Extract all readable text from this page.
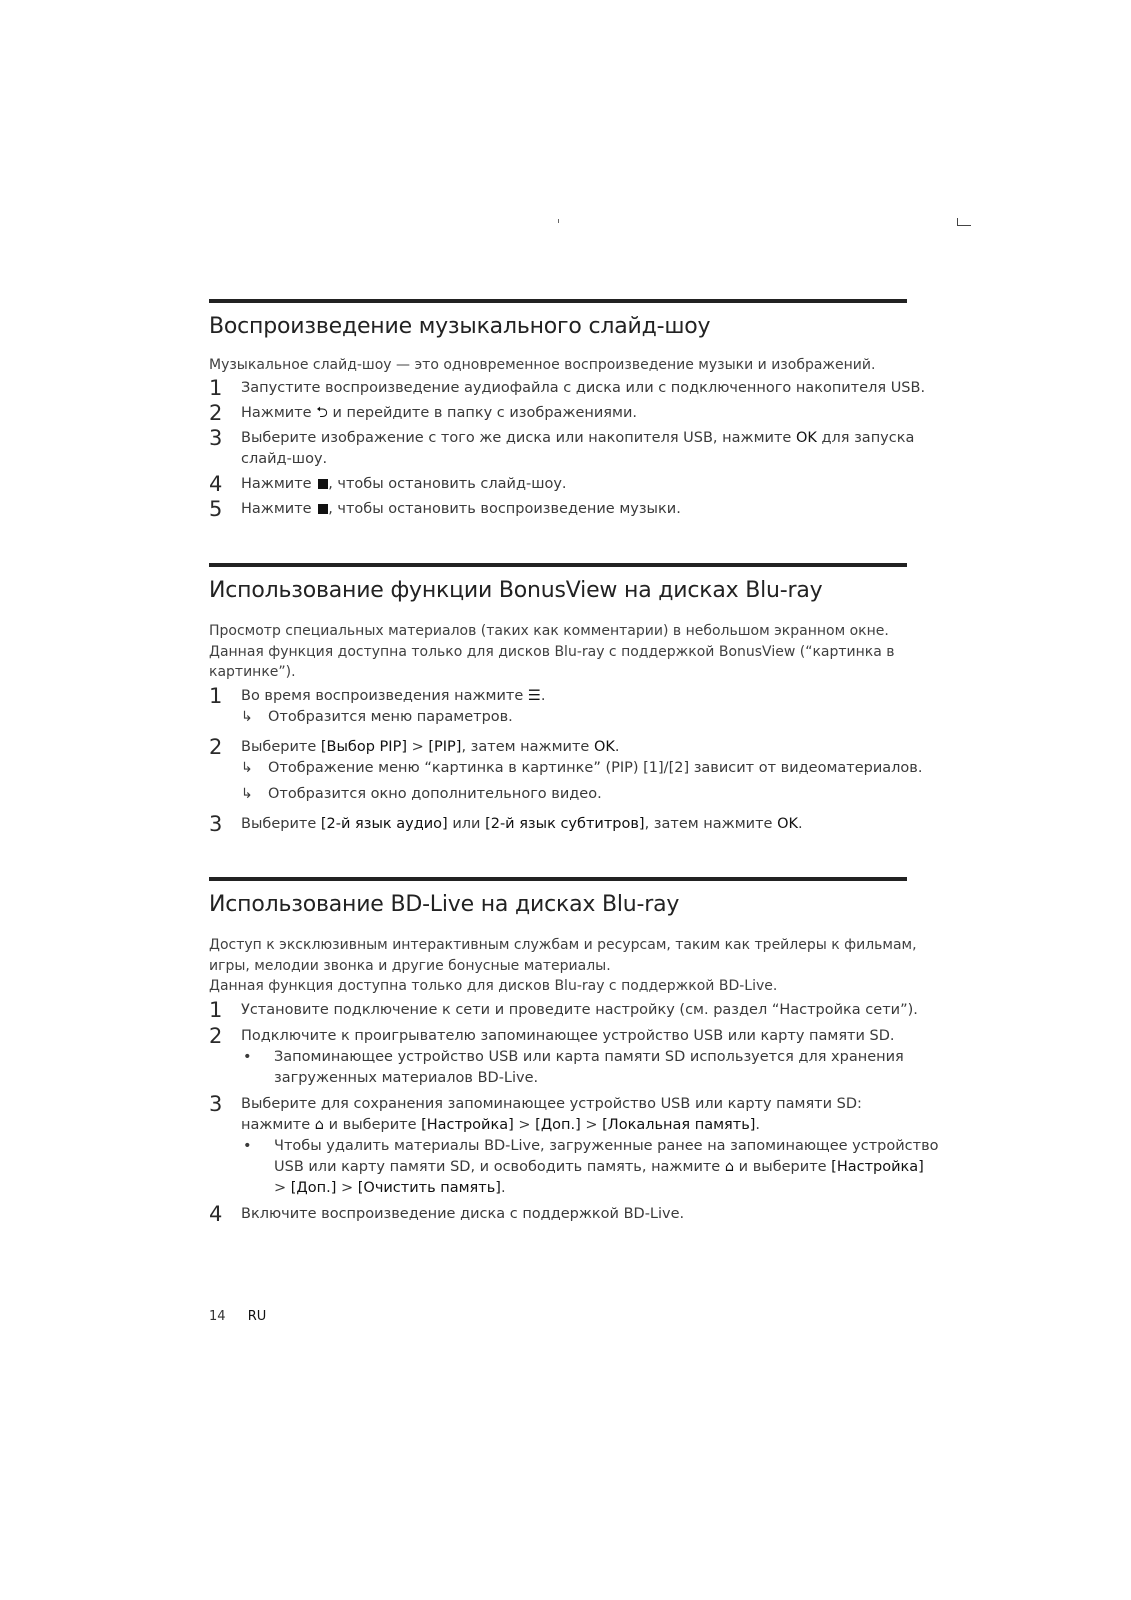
Воспроизведение музыкального слайд-шоу

Музыкальное слайд-шоу — это одновременное воспроизведение музыки и изображений.

1 Запустите воспроизведение аудиофайла с диска или с подключенного накопителя USB.
2 Нажмите ⮌ и перейдите в папку с изображениями.
3 Выберите изображение с того же диска или накопителя USB, нажмите OK для запуска
слайд-шоу.
4 Нажмите , чтобы остановить слайд-шоу.
5 Нажмите , чтобы остановить воспроизведение музыки.
Использование функции BonusView на дисках Blu-ray

Просмотр специальных материалов (таких как комментарии) в небольшом экранном окне.

Данная функция доступна только для дисков Blu-ray с поддержкой BonusView (“картинка в

картинке”).

1 Во время воспроизведения нажмите ☰.
↳ Отобразится меню параметров.
2 Выберите [Выбор PIP] > [PIP], затем нажмите OK.
↳ Отображение меню “картинка в картинке” (PIP) [1]/[2] зависит от видеоматериалов.
↳ Отобразится окно дополнительного видео.
3 Выберите [2-й язык аудио] или [2-й язык субтитров], затем нажмите OK.
Использование BD-Live на дисках Blu-ray

Доступ к эксклюзивным интерактивным службам и ресурсам, таким как трейлеры к фильмам,

игры, мелодии звонка и другие бонусные материалы.

Данная функция доступна только для дисков Blu-ray с поддержкой BD-Live.

1 Установите подключение к сети и проведите настройку (см. раздел “Настройка сети”).
2 Подключите к проигрывателю запоминающее устройство USB или карту памяти SD.
• Запоминающее устройство USB или карта памяти SD используется для хранения
загруженных материалов BD-Live.
3 Выберите для сохранения запоминающее устройство USB или карту памяти SD:
нажмите ⌂ и выберите [Настройка] > [Доп.] > [Локальная память].
• Чтобы удалить материалы BD-Live, загруженные ранее на запоминающее устройство
USB или карту памяти SD, и освободить память, нажмите ⌂ и выберите [Настройка]
> [Доп.] > [Очистить память].
4 Включите воспроизведение диска с поддержкой BD-Live.
14 RU
